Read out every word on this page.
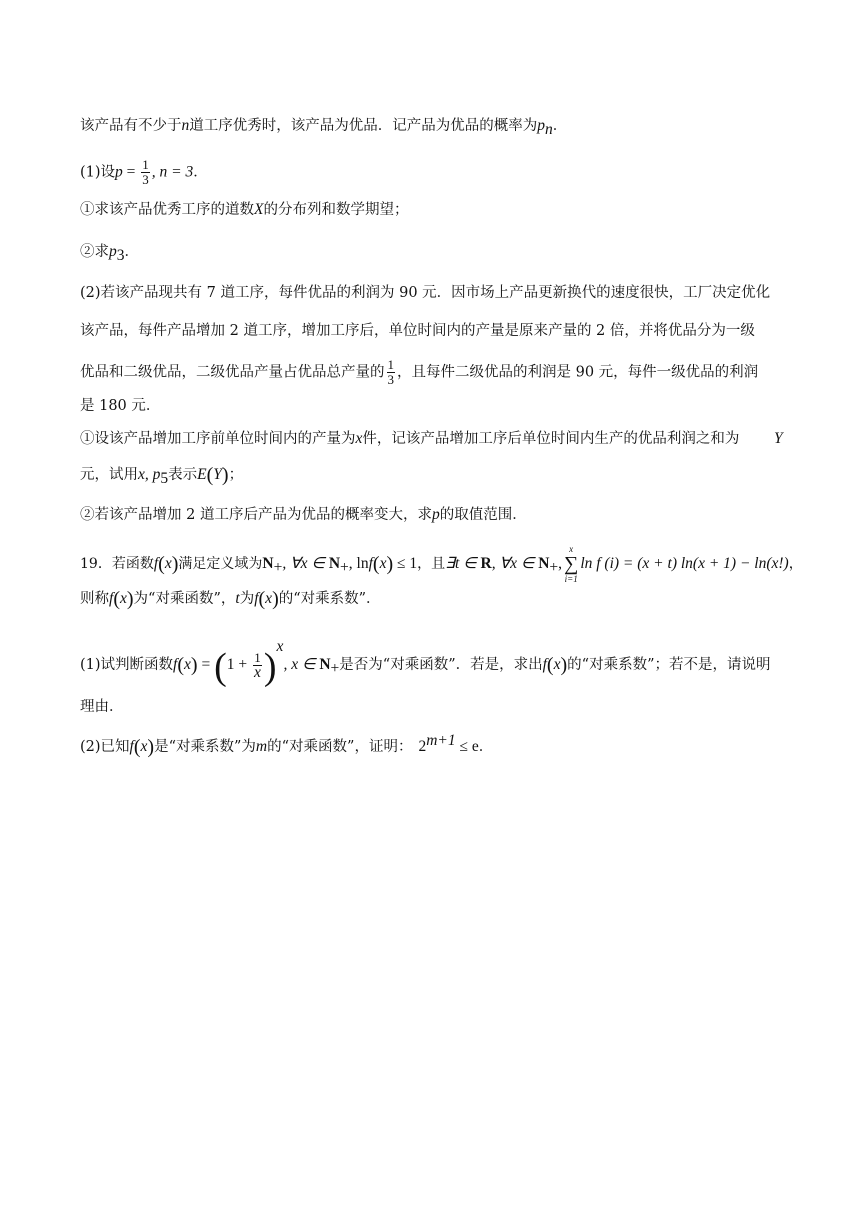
该产品有不少于n道工序优秀时，该产品为优品．记产品为优品的概率为$p_n$．
(1)设$p = \frac{1}{3}$ , n = 3．
①求该产品优秀工序的道数X的分布列和数学期望；
②求$p_3$．
(2)若该产品现共有 7 道工序，每件优品的利润为 90 元．因市场上产品更新换代的速度很快，工厂决定优化
该产品，每件产品增加 2 道工序，增加工序后，单位时间内的产量是原来产量的 2 倍，并将优品分为一级
优品和二级优品，二级优品产量占优品总产量的 $\frac{1}{3}$ ，且每件二级优品的利润是 90 元，每件一级优品的利润
是 180 元．
①设该产品增加工序前单位时间内的产量为x件，记该产品增加工序后单位时间内生产的优品利润之和为 Y
元，试用x, $p_5$表示E(Y)；
②若该产品增加 2 道工序后产品为优品的概率变大，求p的取值范围．
19．若函数f(x)满足定义域为$N_+$, ∀x ∈ $N_+$, lnf(x) ≤ 1，且∃t ∈ R, ∀x ∈ $N_+$,
x
∑
i=1
ln f (i) = (x + t) ln(x + 1) − ln(x!)，
则称f(x)为“对乘函数”，t为f(x)的“对乘系数”．
(1)试判断函数$f(x) = (1 + \frac{1}{x} )^x$, x ∈ $N_+$是否为“对乘函数”．若是，求出f(x)的“对乘系数”；若不是，请说明
理由．
(2)已知f(x)是“对乘系数”为m的“对乘函数”，证明： $2^{m+1} \le e$．
